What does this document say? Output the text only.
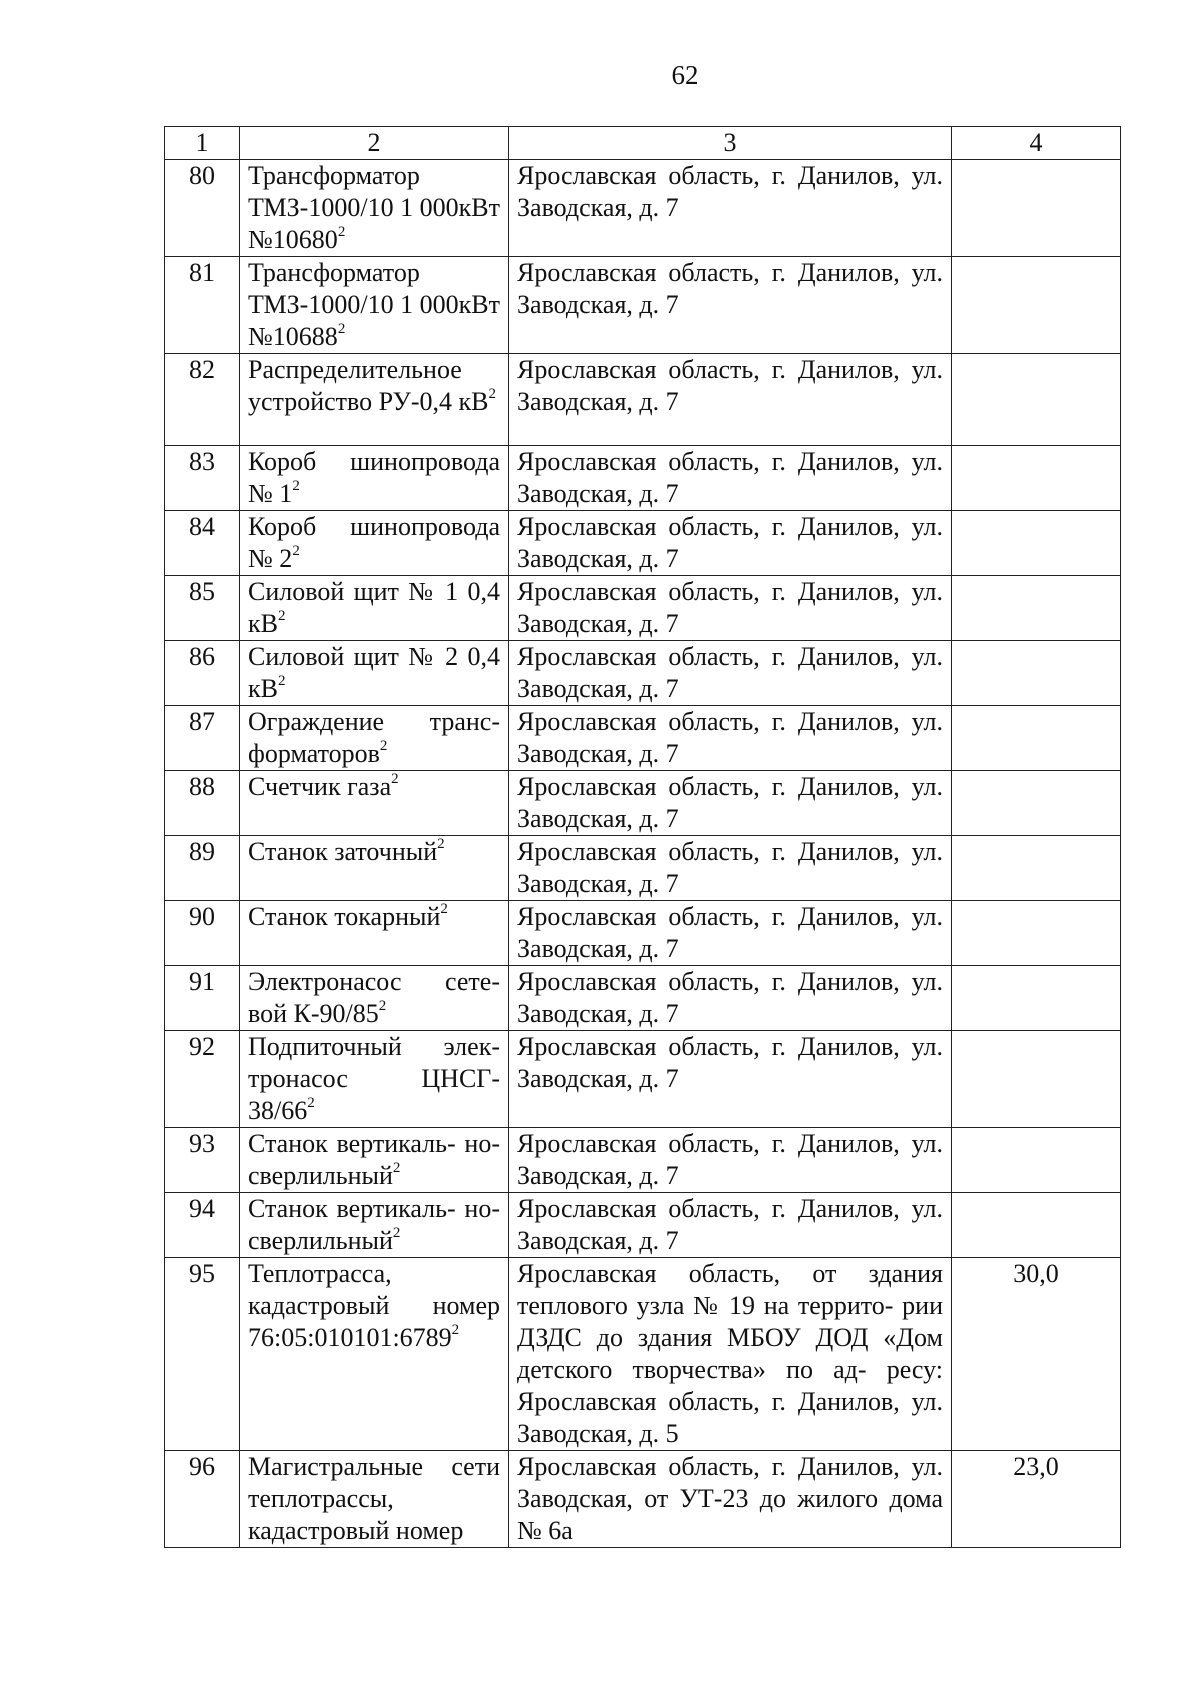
62
1	2	3	4
80	Трансформатор ТМЗ-1000/10 1 000кВт №10680$^2$	Ярославская область, г. Данилов, ул. Заводская, д. 7	
81	Трансформатор ТМЗ-1000/10 1 000кВт №10688$^2$	Ярославская область, г. Данилов, ул. Заводская, д. 7	
82	Распределительное устройство РУ-0,4 $кВ^2$	Ярославская область, г. Данилов, ул. Заводская, д. 7	
83	Короб шинопровода № $1^2$	Ярославская область, г. Данилов, ул. Заводская, д. 7	
84	Короб шинопровода № $2^2$	Ярославская область, г. Данилов, ул. Заводская, д. 7	
85	Силовой щит № 1 0,4 $кВ^2$	Ярославская область, г. Данилов, ул. Заводская, д. 7	
86	Силовой щит № 2 0,4 $кВ^2$	Ярославская область, г. Данилов, ул. Заводская, д. 7	
87	Ограждение транс- форматоров$^2$	Ярославская область, г. Данилов, ул. Заводская, д. 7	
88	Счетчик газа$^2$	Ярославская область, г. Данилов, ул. Заводская, д. 7	
89	Станок заточный$^2$	Ярославская область, г. Данилов, ул. Заводская, д. 7	
90	Станок токарный$^2$	Ярославская область, г. Данилов, ул. Заводская, д. 7	
91	Электронасос сете- вой $К-90/85^2$	Ярославская область, г. Данилов, ул. Заводская, д. 7	
92	Подпиточный элек- тронасос ЦНСГ- $38/66^2$	Ярославская область, г. Данилов, ул. Заводская, д. 7	
93	Станок вертикаль- но-сверлильный$^2$	Ярославская область, г. Данилов, ул. Заводская, д. 7	
94	Станок вертикаль- но-сверлильный$^2$	Ярославская область, г. Данилов, ул. Заводская, д. 7	
95	Теплотрасса, кадастровый номер 76:05:010101:6789$^2$	Ярославская область, от здания теплового узла № 19 на террито- рии ДЗДС до здания МБОУ ДОД «Дом детского творчества» по ад- ресу: Ярославская область, г. Данилов, ул. Заводская, д. 5	30,0
96	Магистральные сети теплотрассы, кадастровый номер	Ярославская область, г. Данилов, ул. Заводская, от УТ-23 до жилого дома № 6а	23,0
